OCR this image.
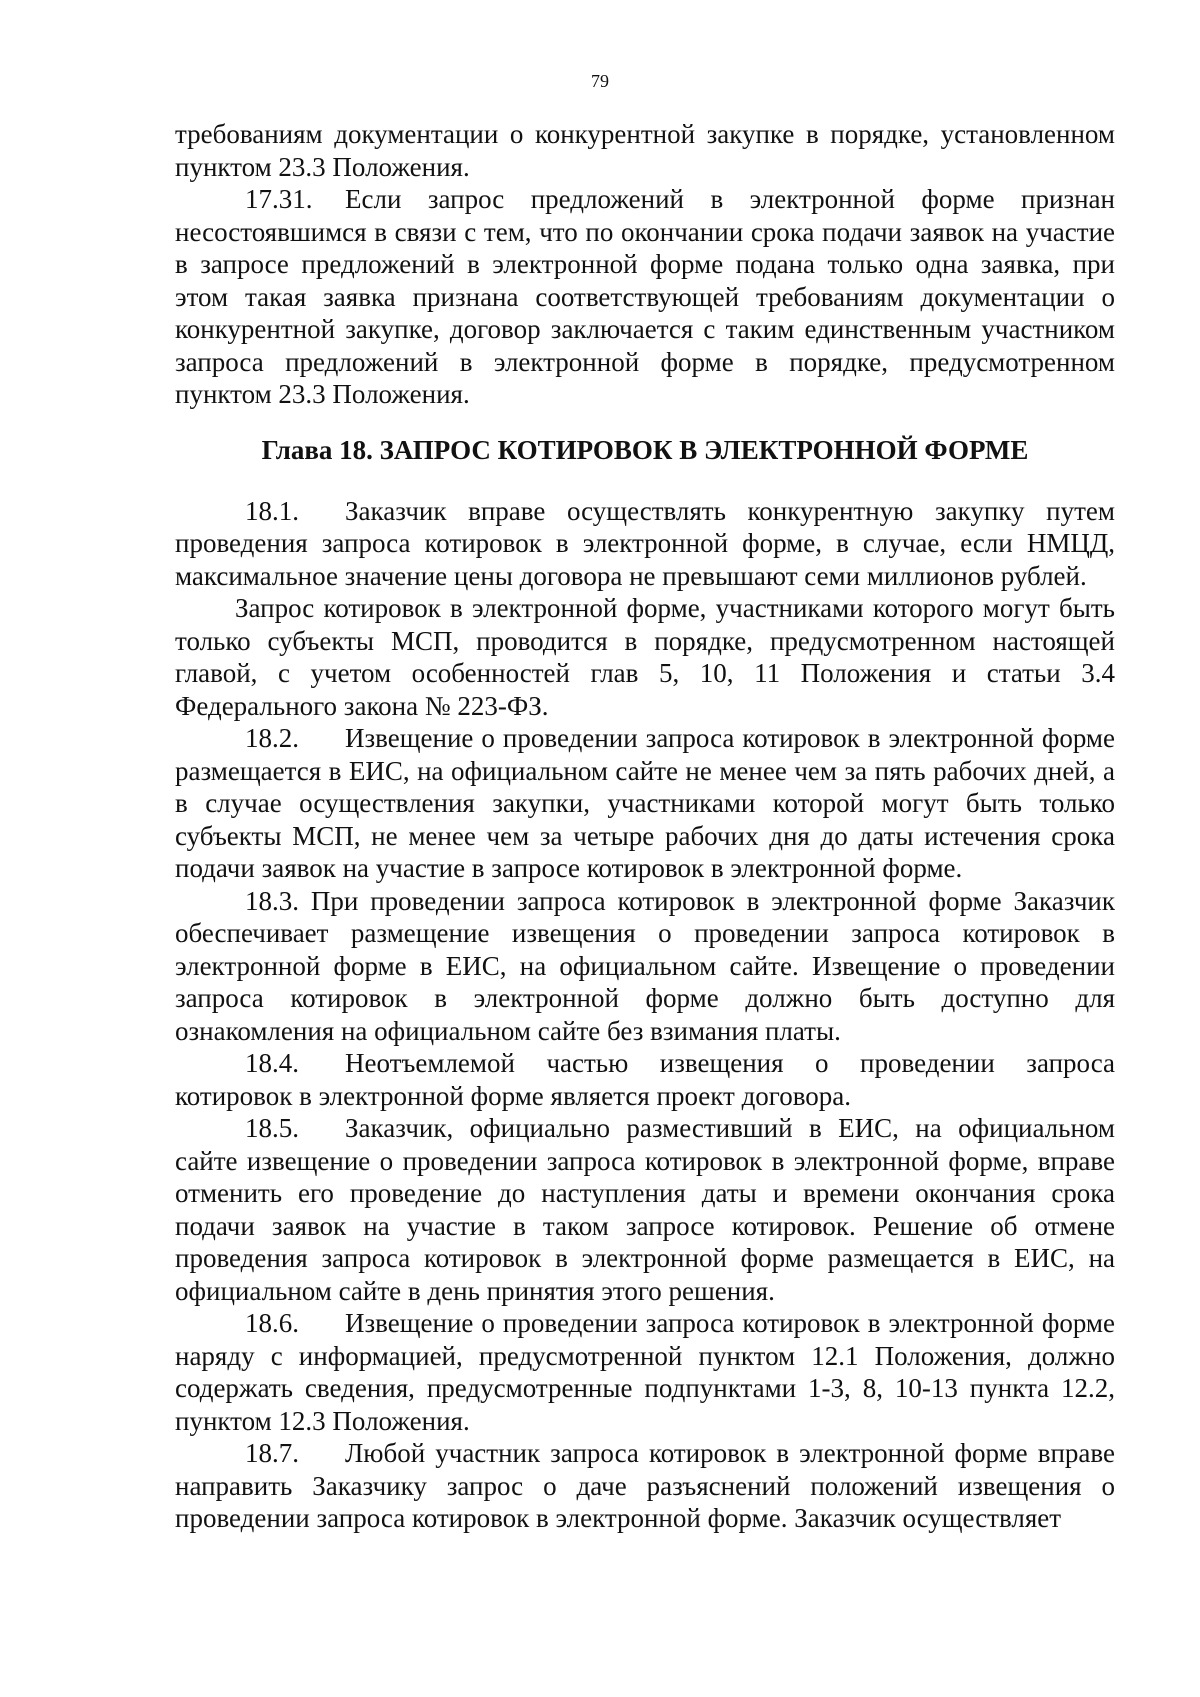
79

требованиям документации о конкурентной закупке в порядке, установленном пунктом 23.3 Положения.

17.31. Если запрос предложений в электронной форме признан несостоявшимся в связи с тем, что по окончании срока подачи заявок на участие в запросе предложений в электронной форме подана только одна заявка, при этом такая заявка признана соответствующей требованиям документации о конкурентной закупке, договор заключается с таким единственным участником запроса предложений в электронной форме в порядке, предусмотренном пунктом 23.3 Положения.

Глава 18. ЗАПРОС КОТИРОВОК В ЭЛЕКТРОННОЙ ФОРМЕ

18.1. Заказчик вправе осуществлять конкурентную закупку путем проведения запроса котировок в электронной форме, в случае, если НМЦД, максимальное значение цены договора не превышают семи миллионов рублей.

Запрос котировок в электронной форме, участниками которого могут быть только субъекты МСП, проводится в порядке, предусмотренном настоящей главой, с учетом особенностей глав 5, 10, 11 Положения и статьи 3.4 Федерального закона № 223-ФЗ.

18.2. Извещение о проведении запроса котировок в электронной форме размещается в ЕИС, на официальном сайте не менее чем за пять рабочих дней, а в случае осуществления закупки, участниками которой могут быть только субъекты МСП, не менее чем за четыре рабочих дня до даты истечения срока подачи заявок на участие в запросе котировок в электронной форме.

18.3. При проведении запроса котировок в электронной форме Заказчик обеспечивает размещение извещения о проведении запроса котировок в электронной форме в ЕИС, на официальном сайте. Извещение о проведении запроса котировок в электронной форме должно быть доступно для ознакомления на официальном сайте без взимания платы.

18.4. Неотъемлемой частью извещения о проведении запроса котировок в электронной форме является проект договора.

18.5. Заказчик, официально разместивший в ЕИС, на официальном сайте извещение о проведении запроса котировок в электронной форме, вправе отменить его проведение до наступления даты и времени окончания срока подачи заявок на участие в таком запросе котировок. Решение об отмене проведения запроса котировок в электронной форме размещается в ЕИС, на официальном сайте в день принятия этого решения.

18.6. Извещение о проведении запроса котировок в электронной форме наряду с информацией, предусмотренной пунктом 12.1 Положения, должно содержать сведения, предусмотренные подпунктами 1-3, 8, 10-13 пункта 12.2, пунктом 12.3 Положения.

18.7. Любой участник запроса котировок в электронной форме вправе направить Заказчику запрос о даче разъяснений положений извещения о проведении запроса котировок в электронной форме. Заказчик осуществляет
